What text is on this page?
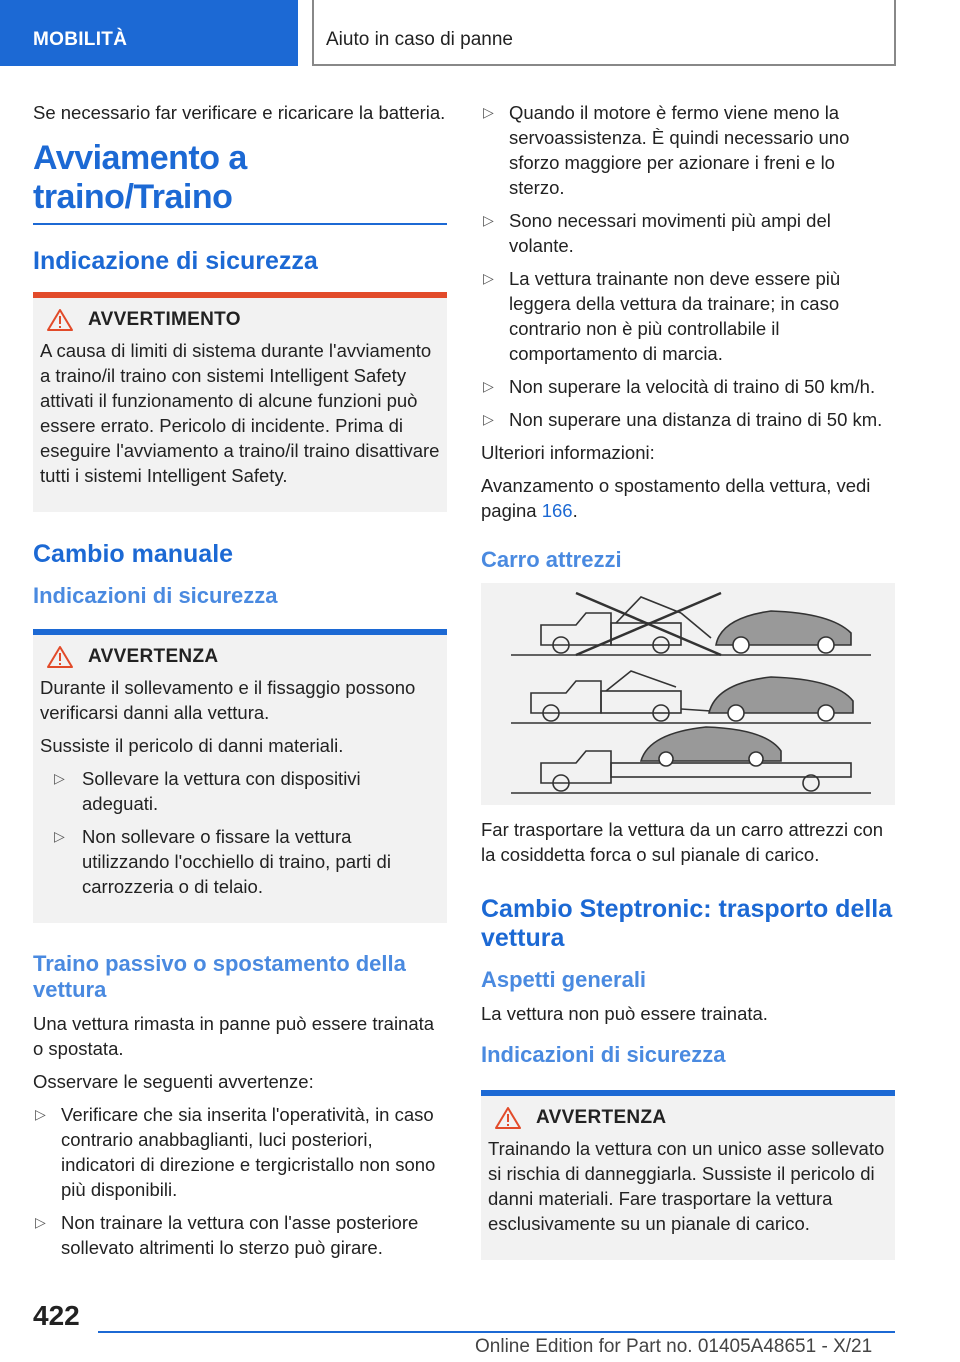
MOBILITÀ	Aiuto in caso di panne

Se necessario far verificare e ricaricare la batteria.

Avviamento a traino/Traino
Indicazione di sicurezza
AVVERTIMENTO

A causa di limiti di sistema durante l'avviamento a traino/il traino con sistemi Intelligent Safety attivati il funzionamento di alcune funzioni può essere errato. Pericolo di incidente. Prima di eseguire l'avviamento a traino/il traino disattivare tutti i sistemi Intelligent Safety.

Cambio manuale
Indicazioni di sicurezza
AVVERTENZA

Durante il sollevamento e il fissaggio possono verificarsi danni alla vettura.

Sussiste il pericolo di danni materiali.

▷ Sollevare la vettura con dispositivi adeguati.
▷ Non sollevare o fissare la vettura utilizzando l'occhiello di traino, parti di carrozzeria o di telaio.
Traino passivo o spostamento della vettura

Una vettura rimasta in panne può essere trainata o spostata.

Osservare le seguenti avvertenze:

▷ Verificare che sia inserita l'operatività, in caso contrario anabbaglianti, luci posteriori, indicatori di direzione e tergicristallo non sono più disponibili.
▷ Non trainare la vettura con l'asse posteriore sollevato altrimenti lo sterzo può girare.
▷ Quando il motore è fermo viene meno la servoassistenza. È quindi necessario uno sforzo maggiore per azionare i freni e lo sterzo.
▷ Sono necessari movimenti più ampi del volante.
▷ La vettura trainante non deve essere più leggera della vettura da trainare; in caso contrario non è più controllabile il comportamento di marcia.
▷ Non superare la velocità di traino di 50 km/h.
▷ Non superare una distanza di traino di 50 km.

Ulteriori informazioni:

Avanzamento o spostamento della vettura, vedi pagina 166.

Carro attrezzi

Far trasportare la vettura da un carro attrezzi con la cosiddetta forca o sul pianale di carico.

Cambio Steptronic: trasporto della vettura
Aspetti generali

La vettura non può essere trainata.

Indicazioni di sicurezza
AVVERTENZA

Trainando la vettura con un unico asse sollevato si rischia di danneggiarla. Sussiste il pericolo di danni materiali. Fare trasportare la vettura esclusivamente su un pianale di carico.

422
Online Edition for Part no. 01405A48651 - X/21
